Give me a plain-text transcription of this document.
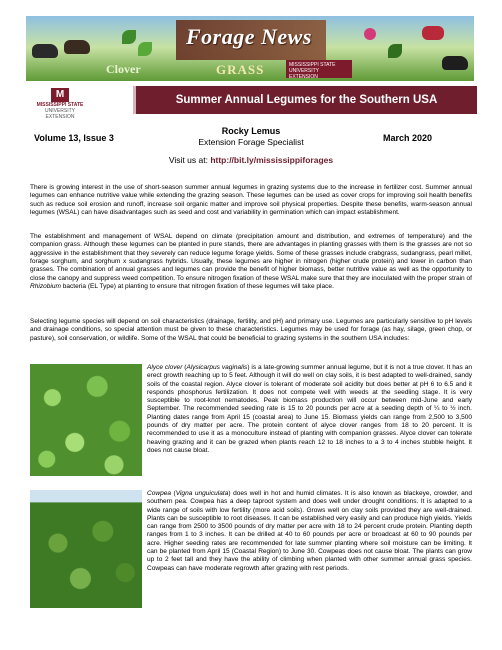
Forage News
Clover	GRASS	MISSISSIPPI STATE
UNIVERSITY
EXTENSION
M
MISSISSIPPI STATE
UNIVERSITY
EXTENSION
Summer Annual Legumes for the Southern USA
Volume 13, Issue 3
Rocky Lemus
Extension Forage Specialist	March 2020
Visit us at: http://bit.ly/mississippiforages
There is growing interest in the use of short-season summer annual legumes in grazing systems due to the increase in fertilizer cost. Summer annual legumes can enhance nutritive value while extending the grazing season. These legumes can be used as cover crops for improving soil health benefits such as reduce soil erosion and runoff, increase soil organic matter and improve soil physical properties. Despite these benefits, warm-season annual legumes (WSAL) can have disadvantages such as seed and cost and variability in germination which can impact establishment.
The establishment and management of WSAL depend on climate (precipitation amount and distribution, and extremes of temperature) and the companion grass. Although these legumes can be planted in pure stands, there are advantages in planting grasses with them is the grasses are not so aggressive in the establishment that they severely can reduce legume forage yields. Some of these grasses include crabgrass, sudangrass, pearl millet, forage sorghum, and sorghum x sudangrass hybrids. Usually, these legumes are higher in nitrogen (higher crude protein) and lower in carbon than grasses. The combination of annual grasses and legumes can provide the benefit of higher biomass, better nutritive value as well as the opportunity to close the canopy and suppress weed competition. To ensure nitrogen fixation of these WSAL make sure that they are inoculated with the proper strain of Rhizobium bacteria (EL Type) at planting to ensure that nitrogen fixation of these legumes will take place.
Selecting legume species will depend on soil characteristics (drainage, fertility, and pH) and primary use. Legumes are particularly sensitive to pH levels and drainage conditions, so special attention must be given to these characteristics. Legumes may be used for forage (as hay, silage, green chop, or pasture), soil conservation, or wildlife. Some of the WSAL that could be beneficial to grazing systems in the southern USA includes:
Alyce clover (Alysicarpus vaginalis) is a late-growing summer annual legume, but it is not a true clover. It has an erect growth reaching up to 5 feet. Although it will do well on clay soils, it is best adapted to well-drained, sandy soils of the coastal region. Alyce clover is tolerant of moderate soil acidity but does better at pH 6 to 6.5 and it responds phosphorus fertilization. It does not compete well with weeds at the seedling stage. It is very susceptible to root-knot nematodes. Peak biomass production will occur between mid-June and early September. The recommended seeding rate is 15 to 20 pounds per acre at a seeding depth of ¼ to ½ inch. Planting dates range from April 15 (coastal area) to June 15. Biomass yields can range from 2,500 to 3,500 pounds of dry matter per acre. The protein content of alyce clover ranges from 18 to 20 percent. It is recommended to use it as a monoculture instead of planting with companion grasses. Alyce clover can tolerate heaving grazing and it can be grazed when plants reach 12 to 18 inches to a 3 to 4 inches stubble height. It does not cause bloat.
Cowpea (Vigna unguiculata) does well in hot and humid climates. It is also known as blackeye, crowder, and southern pea. Cowpea has a deep taproot system and does well under drought conditions. It is adapted to a wide range of soils with low fertility (more acid soils). Grows well on clay soils provided they are well-drained. Plants can be susceptible to root diseases. It can be established very easily and can produce high yields. Yields can range from 2500 to 3500 pounds of dry matter per acre with 18 to 24 percent crude protein. Planting depth ranges from 1 to 3 inches. It can be drilled at 40 to 60 pounds per acre or broadcast at 60 to 90 pounds per acre. Higher seeding rates are recommended for late summer planting where soil moisture can be limiting. It can be planted from April 15 (Coastal Region) to June 30. Cowpeas does not cause bloat. The plants can grow up to 2 feet tall and they have the ability of climbing when planted with other summer annual grass species. Cowpeas can have moderate regrowth after grazing with rest periods.
